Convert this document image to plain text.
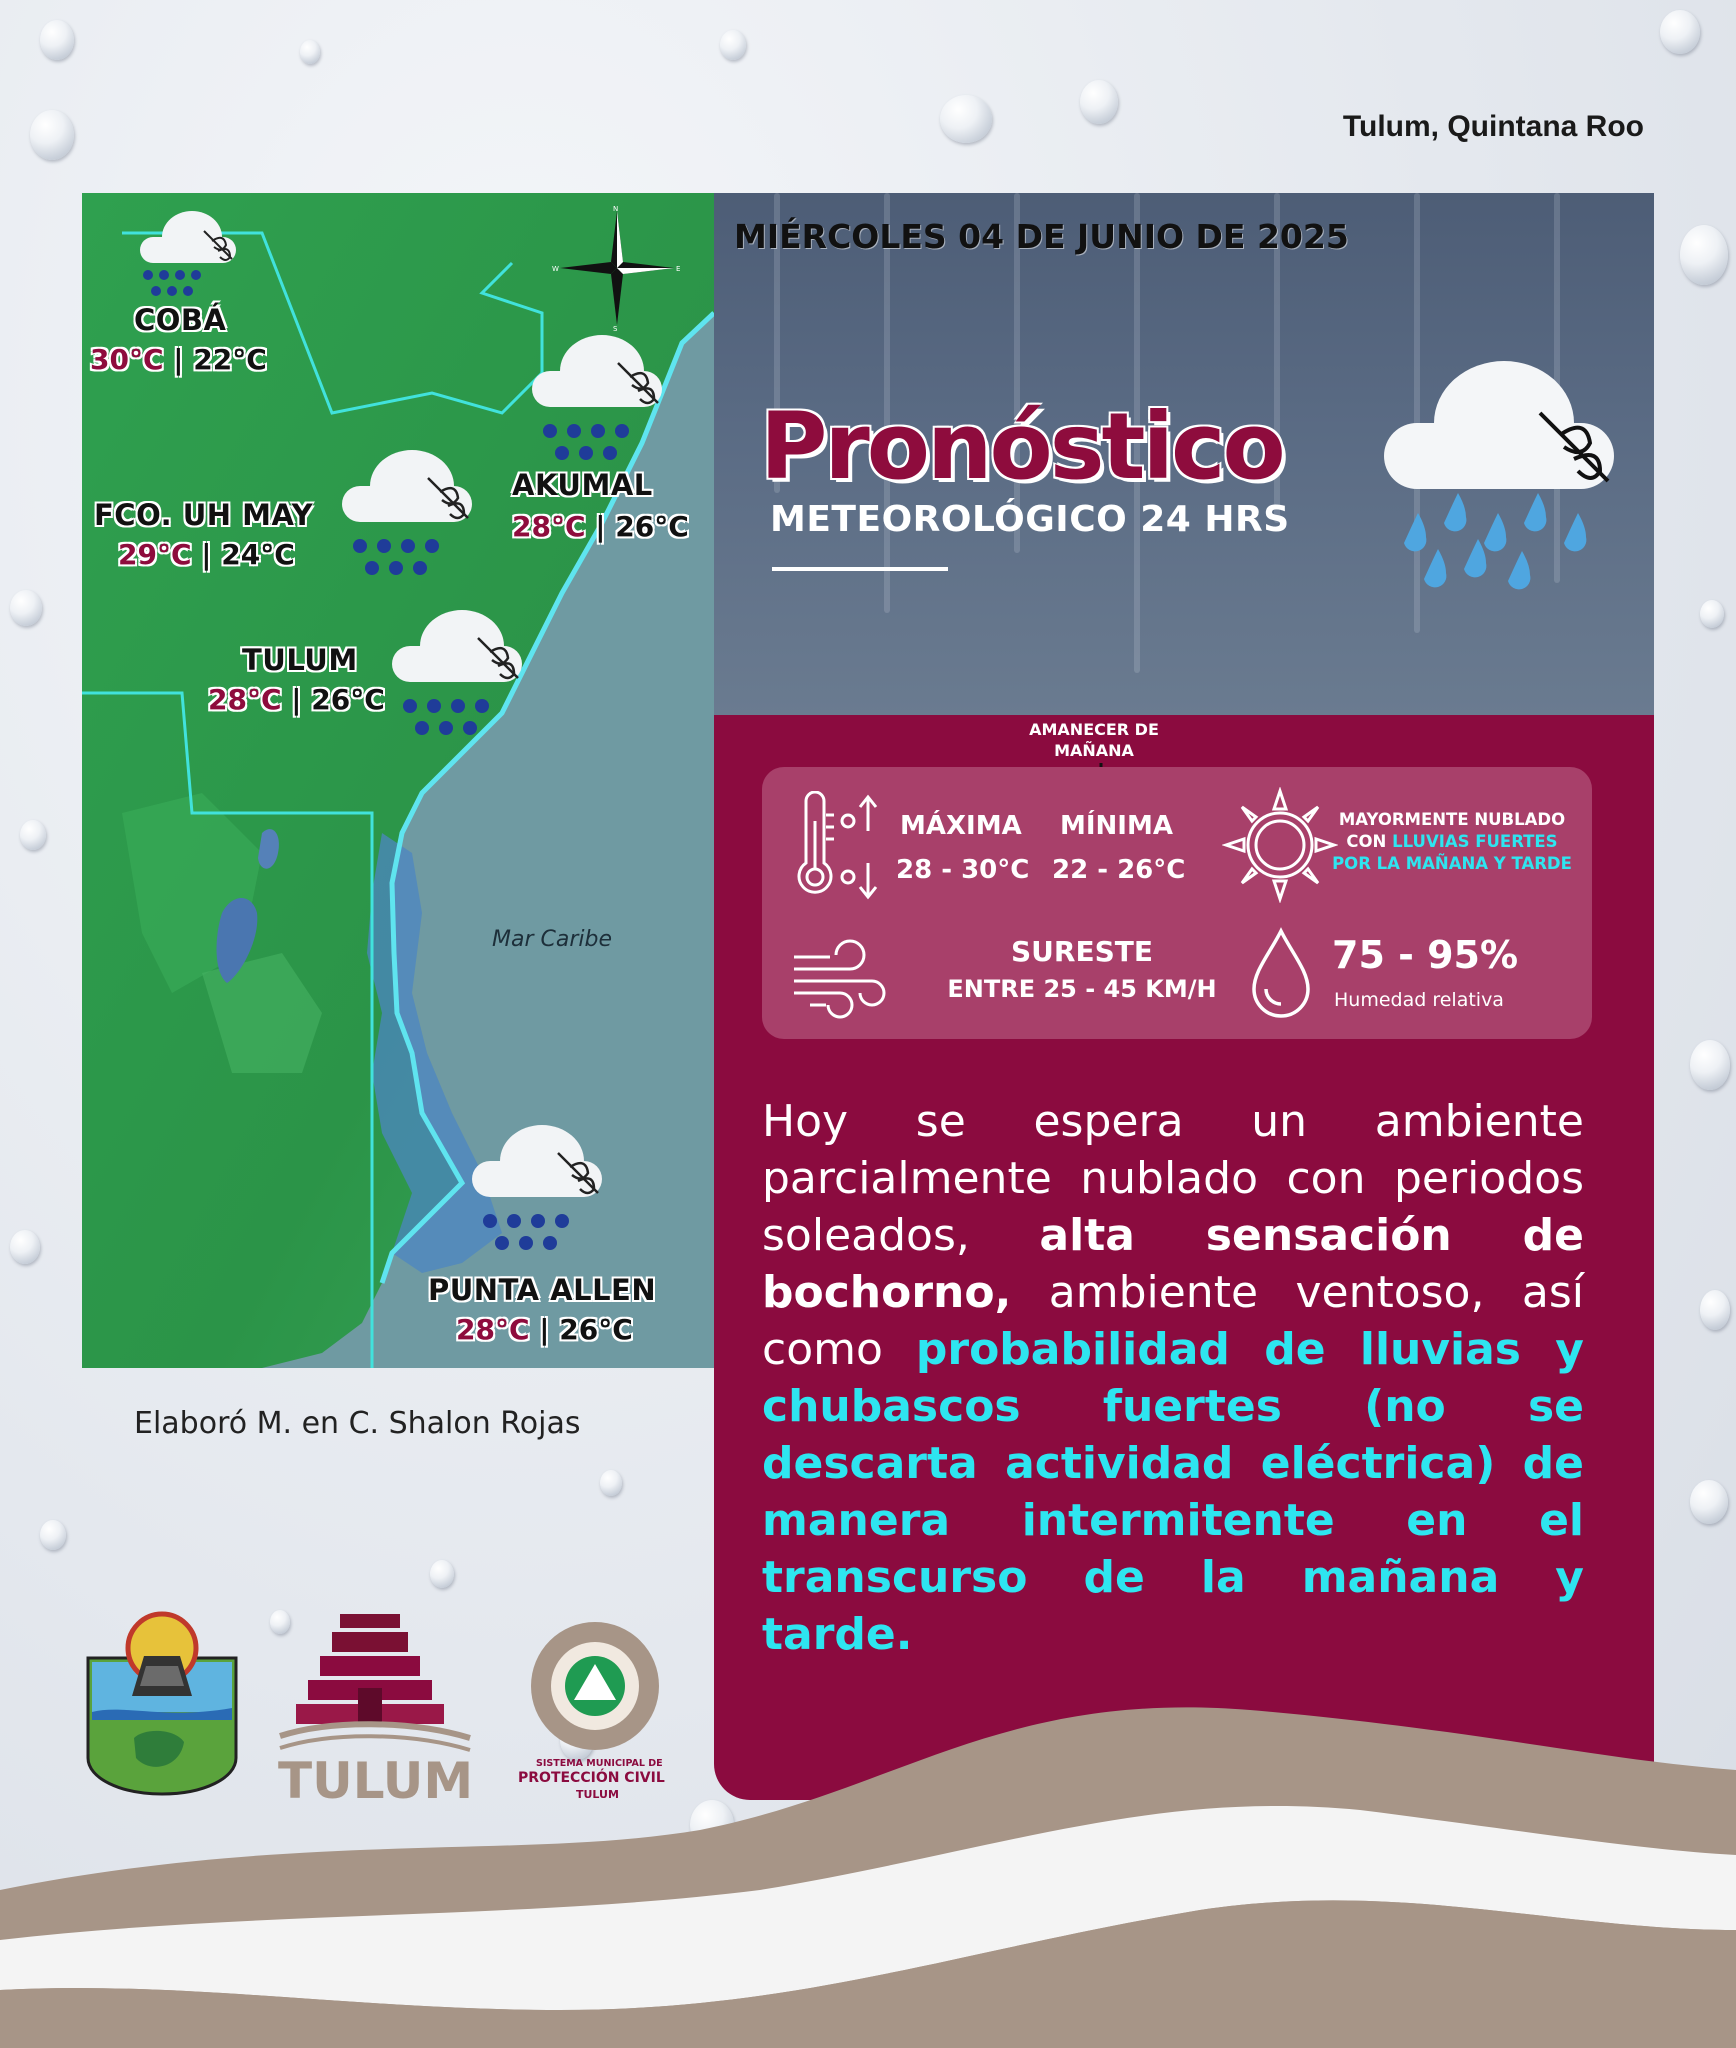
Tulum, Quintana Roo
N
S
W	E
COBÁ
30°C | 22°C
AKUMAL
28°C | 26°C
FCO. UH MAY
29°C | 24°C
TULUM
28°C | 26°C
Mar Caribe
PUNTA ALLEN
28°C | 26°C
Elaboró M. en C. Shalon Rojas
MIÉRCOLES 04 DE JUNIO DE 2025
Pronóstico
METEOROLÓGICO 24 HRS
AMANECER DE
MAÑANA
MÁXIMA
28 - 30°C
MÍNIMA
22 - 26°C
MAYORMENTE NUBLADO
CON LLUVIAS FUERTES
POR LA MAÑANA Y TARDE
SURESTE
ENTRE 25 - 45 KM/H
75 - 95%
Humedad relativa
Hoy se espera un ambiente parcialmente nublado con periodos soleados, alta sensación de bochorno, ambiente ventoso, así como probabilidad de lluvias y chubascos fuertes (no se descarta actividad eléctrica) de manera intermitente en el transcurso de la mañana y tarde.
TULUM	SISTEMA MUNICIPAL DE
PROTECCIÓN CIVIL
TULUM
